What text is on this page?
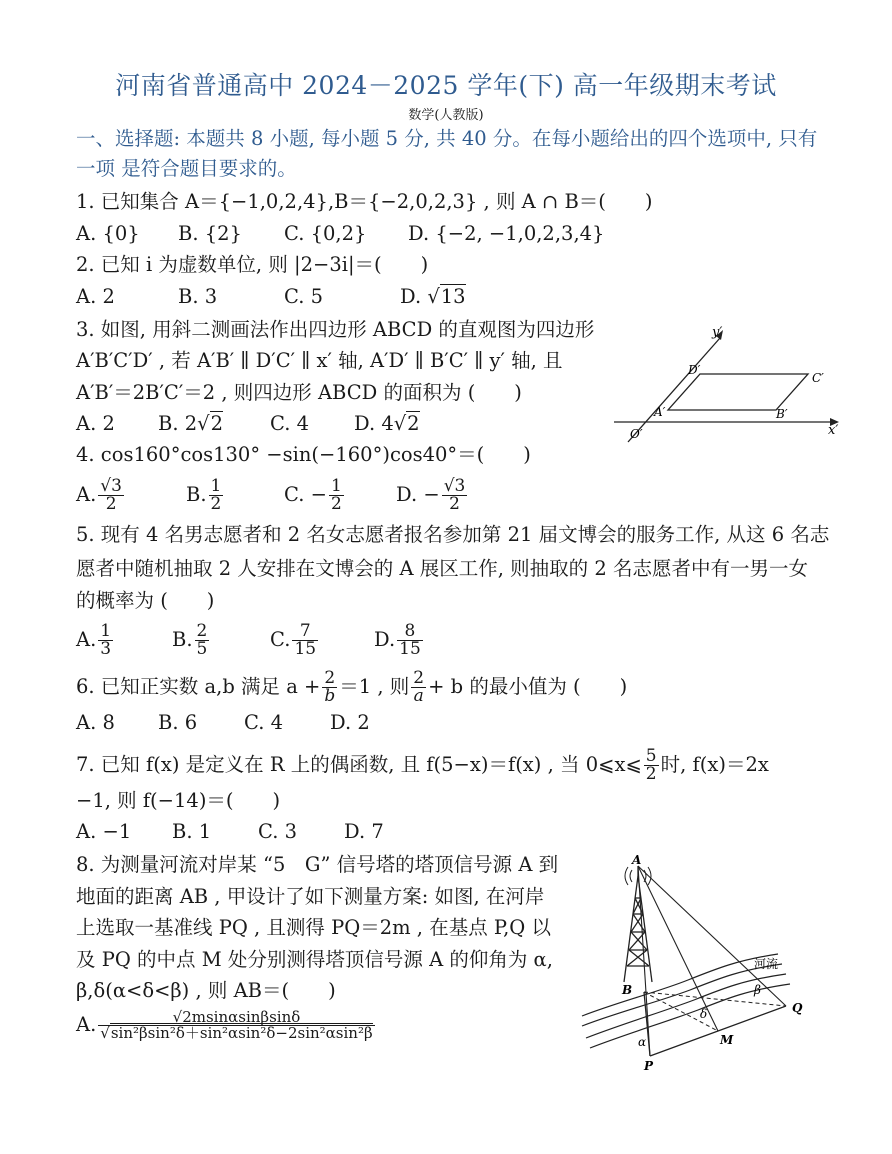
河南省普通高中 2024－2025 学年(下) 高一年级期末考试
数学(人教版)
一、选择题: 本题共 8 小题, 每小题 5 分, 共 40 分。在每小题给出的四个选项中, 只有
一项 是符合题目要求的。
1. 已知集合 A＝{−1,0,2,4},B＝{−2,0,2,3} , 则 A ∩ B＝(　　)
A. {0} B. {2} C. {0,2} D. {−2, −1,0,2,3,4}
2. 已知 i 为虚数单位, 则 |2−3i|＝(　　)
A. 2	B. 3	C. 5	D. √13
3. 如图, 用斜二测画法作出四边形 ABCD 的直观图为四边形
A′B′C′D′ , 若 A′B′ ∥ D′C′ ∥ x′ 轴, A′D′ ∥ B′C′ ∥ y′ 轴, 且
A′B′＝2B′C′＝2 , 则四边形 ABCD 的面积为 (　　)
A. 2 B. 2√2 C. 4 D. 4√2
y′
x′
O′
A′	B′
C′
D′
4. cos160°cos130° −sin(−160°)cos40°＝(　　)
A. $\frac{√3}{2}$	B. $\frac{1}{2}$	C. − $\frac{1}{2}$	D. − $\frac{√3}{2}$
5. 现有 4 名男志愿者和 2 名女志愿者报名参加第 21 届文博会的服务工作, 从这 6 名志
愿者中随机抽取 2 人安排在文博会的 A 展区工作, 则抽取的 2 名志愿者中有一男一女
的概率为 (　　)
A. $\frac{1}{3}$	B. $\frac{2}{5}$	C. $\frac{7}{15}$	D. $\frac{8}{15}$
6. 已知正实数 a,b 满足 $a + \frac{2}{b} =1$ , 则 $\frac{2}{a} + b$ 的最小值为 (　　)
A. 8 B. 6 C. 4 D. 2
7. 已知 f(x) 是定义在 R 上的偶函数, 且 f(5−x)＝f(x) , 当 0⩽x⩽ $\frac{5}{2}$ 时, f(x)＝2x
−1, 则 f(−14)＝(　　)
A. −1 B. 1 C. 3 D. 7
8. 为测量河流对岸某 “5　G” 信号塔的塔顶信号源 A 到
地面的距离 AB , 甲设计了如下测量方案: 如图, 在河岸
上选取一基准线 PQ , 且测得 PQ＝2m , 在基点 P,Q 以
及 PQ 的中点 M 处分别测得塔顶信号源 A 的仰角为 α,
β,δ(α<δ<β) , 则 AB＝(　　)
A. $\frac{√2msin\alpha\sin\beta\sin\delta}{\text{√sin²βsin²δ＋sin²αsin²δ−2sin²αsin²β}}$
A
B
P
Q
M
α
β
δ
河流
